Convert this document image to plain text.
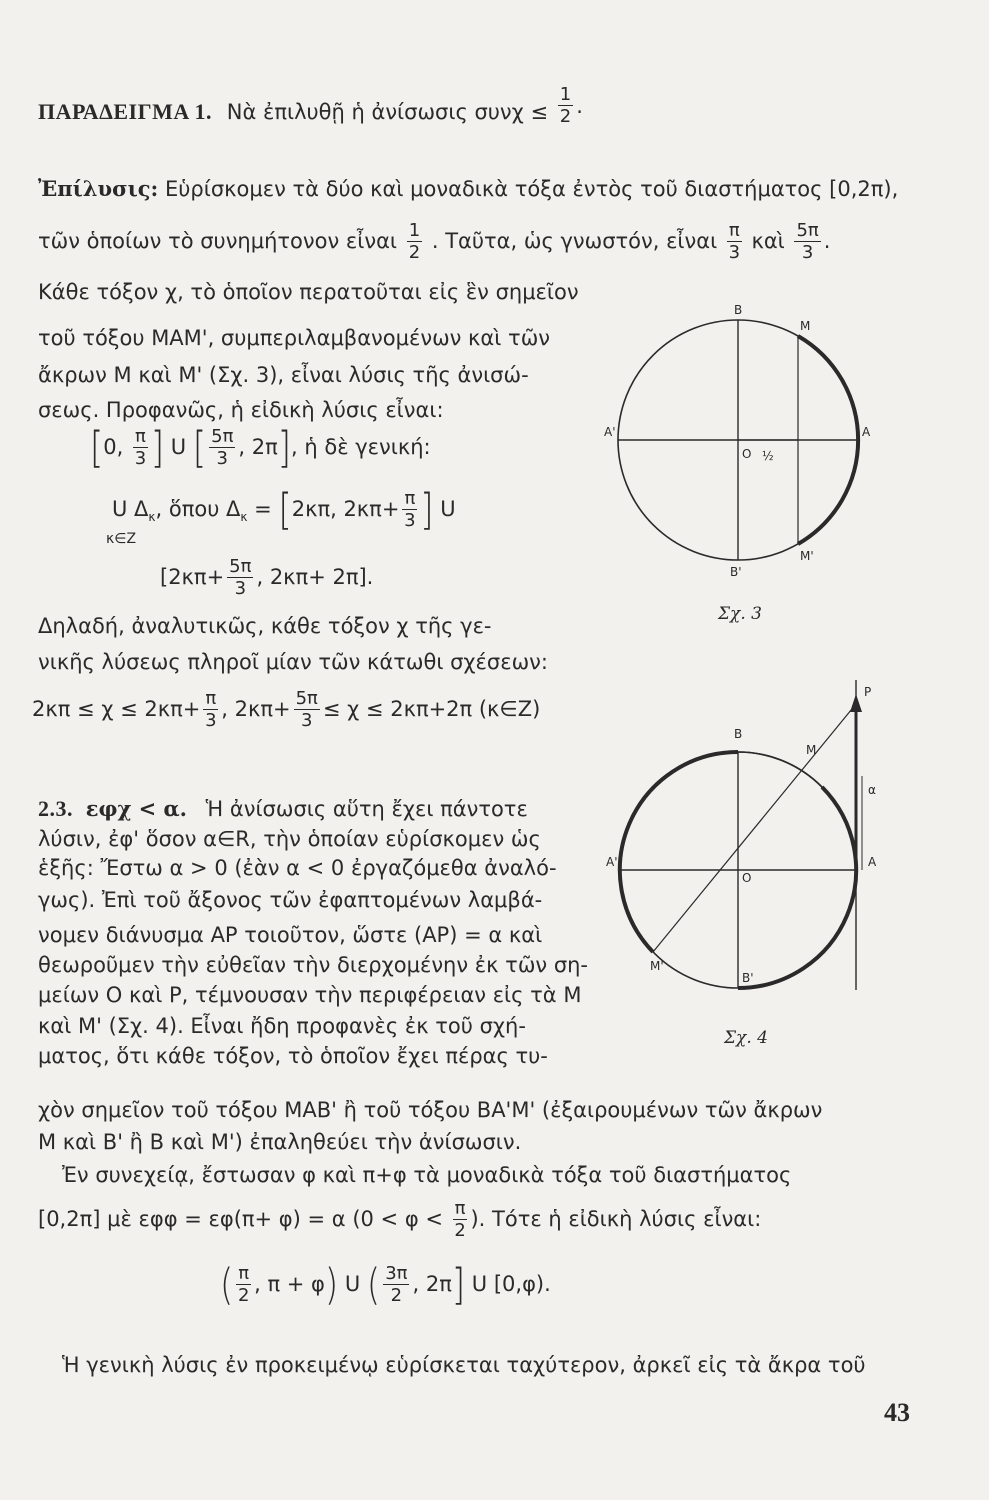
ΠΑΡΑΔΕΙΓΜΑ 1. Νὰ ἐπιλυθῇ ἡ ἀνίσωσις $\sigma\upsilon\nu\chi \le \frac{1}{2}$ ·
Ἐπίλυσις: Εὑρίσκομεν τὰ δύο καὶ μοναδικὰ τόξα ἐντὸς τοῦ διαστήματος [0,2π),
τῶν ὁποίων τὸ συνημήτονον εἶναι $\frac{1}{2}$ . Ταῦτα, ὡς γνωστόν, εἶναι $\frac{\pi}{3}$ καὶ $\frac{5\pi}{3}$ .
Κάθε τόξον χ, τὸ ὁποῖον περατοῦται εἰς ἓν σημεῖον
τοῦ τόξου ΜΑΜ', συμπεριλαμβανομένων καὶ τῶν
ἄκρων Μ καὶ Μ' (Σχ. 3), εἶναι λύσις τῆς ἀνισώ-
σεως. Προφανῶς, ἡ εἰδικὴ λύσις εἶναι:
[0, $\frac{\pi}{3}$ ] U [ $\frac{5\pi}{3}$ , 2π], ἡ δὲ γενική:
U $\Delta_\kappa$, ὅπου $\Delta_\kappa = [2\kappa\pi$, $2\kappa\pi+ \frac{\pi}{3}$ ] U
κ∈Z
[$2\kappa\pi+ \frac{5\pi}{3}$ , 2κπ+ 2π].
Δηλαδή, ἀναλυτικῶς, κάθε τόξον χ τῆς γε-
νικῆς λύσεως πληροῖ μίαν τῶν κάτωθι σχέσεων:
$2\kappa\pi \le \chi \le 2\kappa\pi+ \frac{\pi}{3}$ , $2\kappa\pi+ \frac{5\pi}{3} \le \chi \le 2\kappa\pi+2\pi$ (κ∈Z)
2.3. εφχ < α. Ἡ ἀνίσωσις αὕτη ἔχει πάντοτε
λύσιν, ἐφ' ὅσον α∈R, τὴν ὁποίαν εὑρίσκομεν ὡς
ἑξῆς: Ἔστω α > 0 (ἐὰν α < 0 ἐργαζόμεθα ἀναλό-
γως). Ἐπὶ τοῦ ἄξονος τῶν ἐφαπτομένων λαμβά-
νομεν διάνυσμα AP τοιοῦτον, ὥστε (AP) = α καὶ
θεωροῦμεν τὴν εὐθεῖαν τὴν διερχομένην ἐκ τῶν ση-
μείων Ο καὶ Ρ, τέμνουσαν τὴν περιφέρειαν εἰς τὰ Μ
καὶ Μ' (Σχ. 4). Εἶναι ἤδη προφανὲς ἐκ τοῦ σχή-
ματος, ὅτι κάθε τόξον, τὸ ὁποῖον ἔχει πέρας τυ-
χὸν σημεῖον τοῦ τόξου ΜΑΒ' ἢ τοῦ τόξου ΒΑ'Μ' (ἐξαιρουμένων τῶν ἄκρων
Μ καὶ Β' ἢ Β καὶ Μ') ἐπαληθεύει τὴν ἀνίσωσιν.
Ἐν συνεχείᾳ, ἔστωσαν φ καὶ π+φ τὰ μοναδικὰ τόξα τοῦ διαστήματος
[0,2π] μὲ εφφ = εφ(π+ φ) = α ($0 < \varphi < \frac{\pi}{2}$ ). Τότε ἡ εἰδικὴ λύσις εἶναι:
( $\frac{\pi}{2}$ , π + φ) U ( $\frac{3\pi}{2}$ , 2π] U [0,φ).
Ἡ γενικὴ λύσις ἐν προκειμένῳ εὑρίσκεται ταχύτερον, ἀρκεῖ εἰς τὰ ἄκρα τοῦ
B
M
A'	A
O ½
M'
B'
Σχ. 3
P
B
M
α
A'	A
O
M'
B'
Σχ. 4
43
